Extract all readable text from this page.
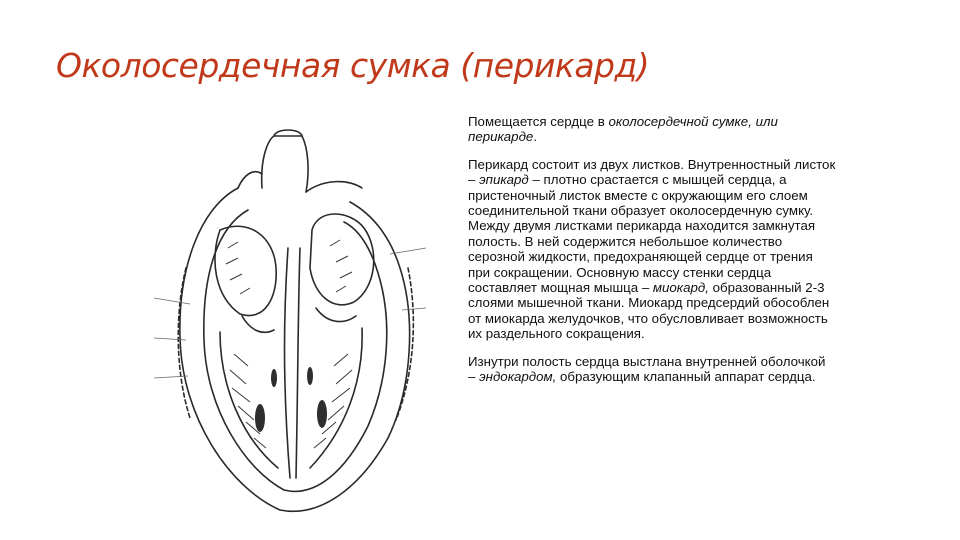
Околосердечная сумка (перикард)

Помещается сердце в околосердечной сумке, или перикарде.

Перикард состоит из двух листков. Внутренностный листок – эпикард – плотно срастается с мышцей сердца, а пристеночный листок вместе с окружающим его слоем соединительной ткани образует околосердечную сумку. Между двумя листками перикарда находится замкнутая полость. В ней содержится небольшое количество серозной жидкости, предохраняющей сердце от трения при сокращении. Основную массу стенки сердца составляет мощная мышца – миокард, образованный 2-3 слоями мышечной ткани. Миокард предсердий обособлен от миокарда желудочков, что обусловливает возможность их раздельного сокращения.

Изнутри полость сердца выстлана внутренней оболочкой – эндокардом, образующим клапанный аппарат сердца.
